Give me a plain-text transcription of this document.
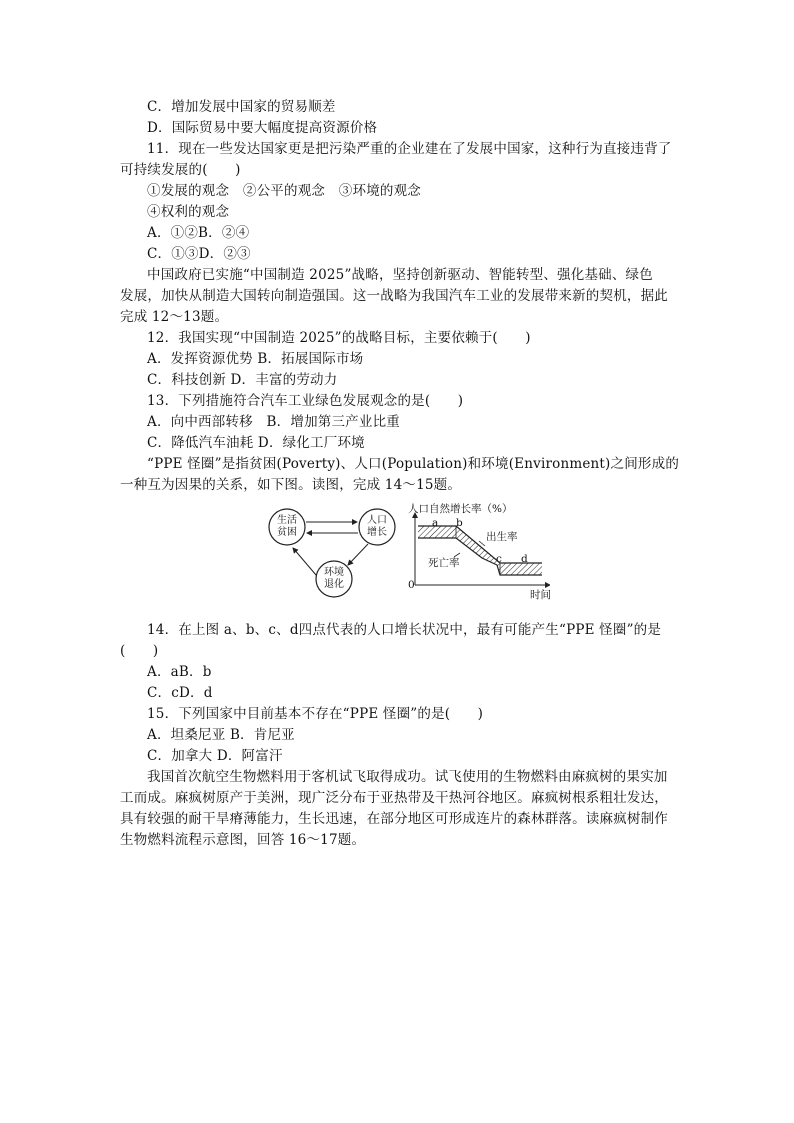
C．增加发展中国家的贸易顺差
D．国际贸易中要大幅度提高资源价格
11．现在一些发达国家更是把污染严重的企业建在了发展中国家，这种行为直接违背了
可持续发展的(　　)
①发展的观念　②公平的观念　③环境的观念
④权利的观念
A．①②B．②④
C．①③D．②③
中国政府已实施“中国制造 2025”战略，坚持创新驱动、智能转型、强化基础、绿色
发展，加快从制造大国转向制造强国。这一战略为我国汽车工业的发展带来新的契机，据此
完成 12～13题。
12．我国实现“中国制造 2025”的战略目标，主要依赖于(　　)
A．发挥资源优势 B．拓展国际市场
C．科技创新 D．丰富的劳动力
13．下列措施符合汽车工业绿色发展观念的是(　　)
A．向中西部转移　B．增加第三产业比重
C．降低汽车油耗 D．绿化工厂环境
“PPE 怪圈”是指贫困(Poverty)、人口(Population)和环境(Environment)之间形成的
一种互为因果的关系，如下图。读图，完成 14～15题。
生活
贫困
人口
增长
环境
退化
人口自然增长率（%）
a b
c d
出生率
死亡率
0
时间
14．在上图 a、b、c、d四点代表的人口增长状况中，最有可能产生“PPE 怪圈”的是
(　　)
A．aB．b
C．cD．d
15．下列国家中目前基本不存在“PPE 怪圈”的是(　　)
A．坦桑尼亚 B．肯尼亚
C．加拿大 D．阿富汗
我国首次航空生物燃料用于客机试飞取得成功。试飞使用的生物燃料由麻疯树的果实加
工而成。麻疯树原产于美洲，现广泛分布于亚热带及干热河谷地区。麻疯树根系粗壮发达，
具有较强的耐干旱瘠薄能力，生长迅速，在部分地区可形成连片的森林群落。读麻疯树制作
生物燃料流程示意图，回答 16～17题。
